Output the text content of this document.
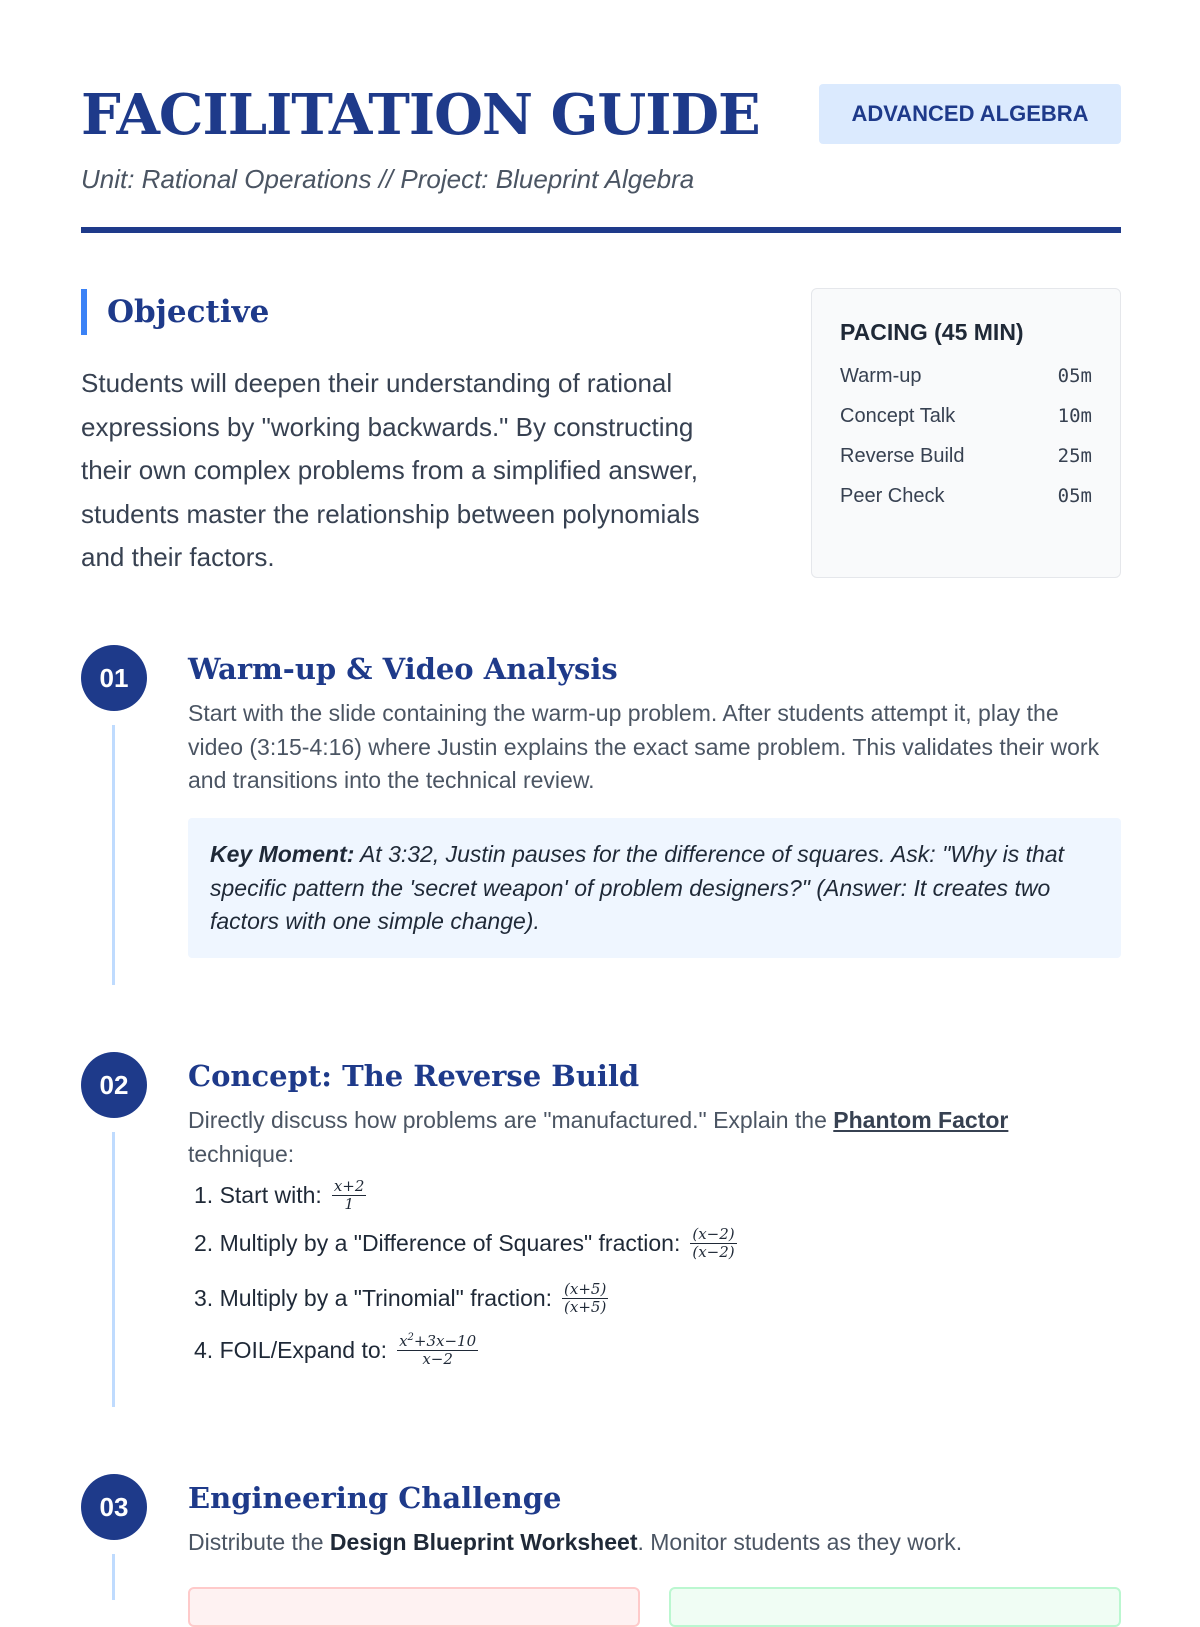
FACILITATION GUIDE	ADVANCED ALGEBRA
Unit: Rational Operations // Project: Blueprint Algebra
Objective

Students will deepen their understanding of rational expressions by "working backwards." By constructing their own complex problems from a simplified answer, students master the relationship between polynomials and their factors.

PACING (45 MIN)
Warm-up	05m
Concept Talk	10m
Reverse Build	25m
Peer Check	05m
01	Warm-up & Video Analysis

Start with the slide containing the warm-up problem. After students attempt it, play the video (3:15-4:16) where Justin explains the exact same problem. This validates their work and transitions into the technical review.

Key Moment: At 3:32, Justin pauses for the difference of squares. Ask: "Why is that specific pattern the 'secret weapon' of problem designers?" (Answer: It creates two factors with one simple change).
02	Concept: The Reverse Build

Directly discuss how problems are "manufactured." Explain the Phantom Factor technique:

1. Start with: $\frac{x+2}{1}$
2. Multiply by a "Difference of Squares" fraction: $\frac{(x-2)}{(x-2)}$
3. Multiply by a "Trinomial" fraction: $\frac{(x+5)}{(x+5)}$
4. FOIL/Expand to: $\frac{x^2+3x-10}{x-2}$
03	Engineering Challenge

Distribute the Design Blueprint Worksheet. Monitor students as they work.
